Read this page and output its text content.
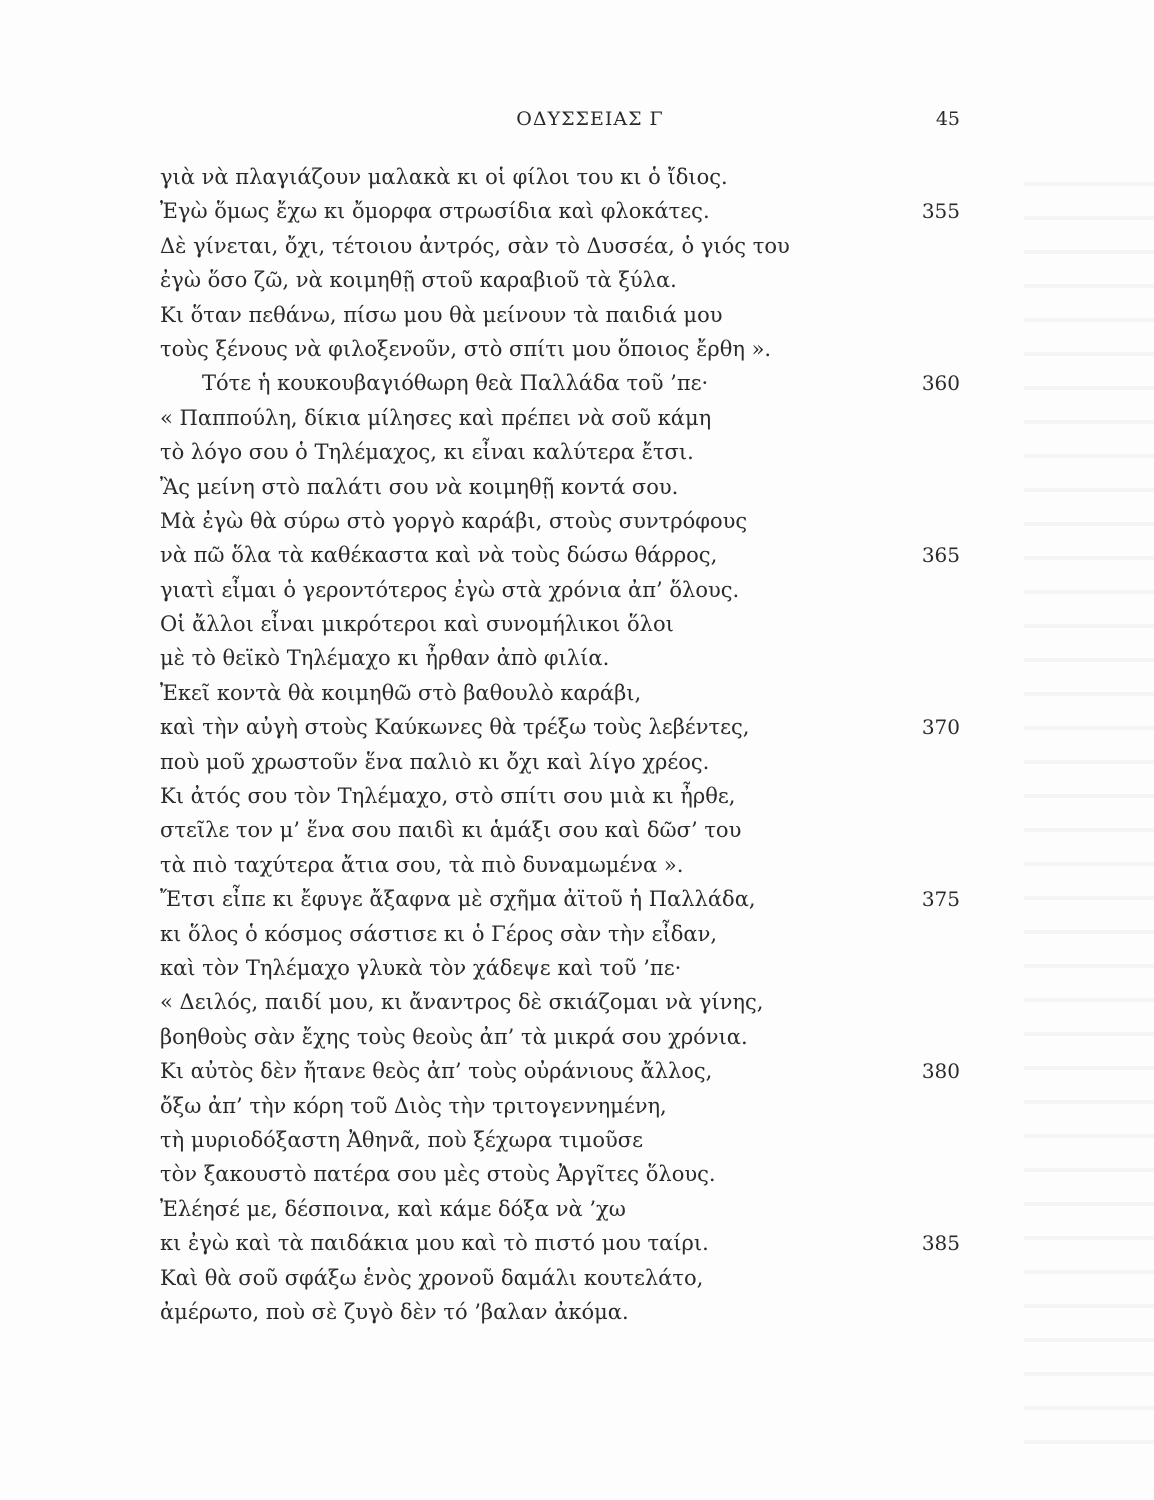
ΟΔΥΣΣΕΙΑΣ Γ	45
γιὰ νὰ πλαγιάζουν μαλακὰ κι οἱ φίλοι του κι ὁ ἴδιος.
Ἐγὼ ὅμως ἔχω κι ὄμορφα στρωσίδια καὶ φλοκάτες.	355
Δὲ γίνεται, ὄχι, τέτοιου ἀντρός, σὰν τὸ Δυσσέα, ὁ γιός του
ἐγὼ ὅσο ζῶ, νὰ κοιμηθῇ στοῦ καραβιοῦ τὰ ξύλα.
Κι ὅταν πεθάνω, πίσω μου θὰ μείνουν τὰ παιδιά μου
τοὺς ξένους νὰ φιλοξενοῦν, στὸ σπίτι μου ὅποιος ἔρθη ».
Τότε ἡ κουκουβαγιόθωρη θεὰ Παλλάδα τοῦ ’πε·	360
« Παππούλη, δίκια μίλησες καὶ πρέπει νὰ σοῦ κάμη
τὸ λόγο σου ὁ Τηλέμαχος, κι εἶναι καλύτερα ἔτσι.
Ἂς μείνη στὸ παλάτι σου νὰ κοιμηθῇ κοντά σου.
Μὰ ἐγὼ θὰ σύρω στὸ γοργὸ καράβι, στοὺς συντρόφους
νὰ πῶ ὅλα τὰ καθέκαστα καὶ νὰ τοὺς δώσω θάρρος,	365
γιατὶ εἶμαι ὁ γεροντότερος ἐγὼ στὰ χρόνια ἀπ’ ὅλους.
Οἱ ἄλλοι εἶναι μικρότεροι καὶ συνομήλικοι ὅλοι
μὲ τὸ θεϊκὸ Τηλέμαχο κι ἦρθαν ἀπὸ φιλία.
Ἐκεῖ κοντὰ θὰ κοιμηθῶ στὸ βαθουλὸ καράβι,
καὶ τὴν αὐγὴ στοὺς Καύκωνες θὰ τρέξω τοὺς λεβέντες,	370
ποὺ μοῦ χρωστοῦν ἕνα παλιὸ κι ὄχι καὶ λίγο χρέος.
Κι ἀτός σου τὸν Τηλέμαχο, στὸ σπίτι σου μιὰ κι ἦρθε,
στεῖλε τον μ’ ἕνα σου παιδὶ κι ἁμάξι σου καὶ δῶσ’ του
τὰ πιὸ ταχύτερα ἄτια σου, τὰ πιὸ δυναμωμένα ».
Ἔτσι εἶπε κι ἔφυγε ἄξαφνα μὲ σχῆμα ἀϊτοῦ ἡ Παλλάδα,	375
κι ὅλος ὁ κόσμος σάστισε κι ὁ Γέρος σὰν τὴν εἶδαν,
καὶ τὸν Τηλέμαχο γλυκὰ τὸν χάδεψε καὶ τοῦ ’πε·
« Δειλός, παιδί μου, κι ἄναντρος δὲ σκιάζομαι νὰ γίνης,
βοηθοὺς σὰν ἔχης τοὺς θεοὺς ἀπ’ τὰ μικρά σου χρόνια.
Κι αὐτὸς δὲν ἤτανε θεὸς ἀπ’ τοὺς οὐράνιους ἄλλος,	380
ὄξω ἀπ’ τὴν κόρη τοῦ Διὸς τὴν τριτογεννημένη,
τὴ μυριοδόξαστη Ἀθηνᾶ, ποὺ ξέχωρα τιμοῦσε
τὸν ξακουστὸ πατέρα σου μὲς στοὺς Ἀργῖτες ὅλους.
Ἐλέησέ με, δέσποινα, καὶ κάμε δόξα νὰ ’χω
κι ἐγὼ καὶ τὰ παιδάκια μου καὶ τὸ πιστό μου ταίρι.	385
Καὶ θὰ σοῦ σφάξω ἑνὸς χρονοῦ δαμάλι κουτελάτο,
ἀμέρωτο, ποὺ σὲ ζυγὸ δὲν τό ’βαλαν ἀκόμα.
